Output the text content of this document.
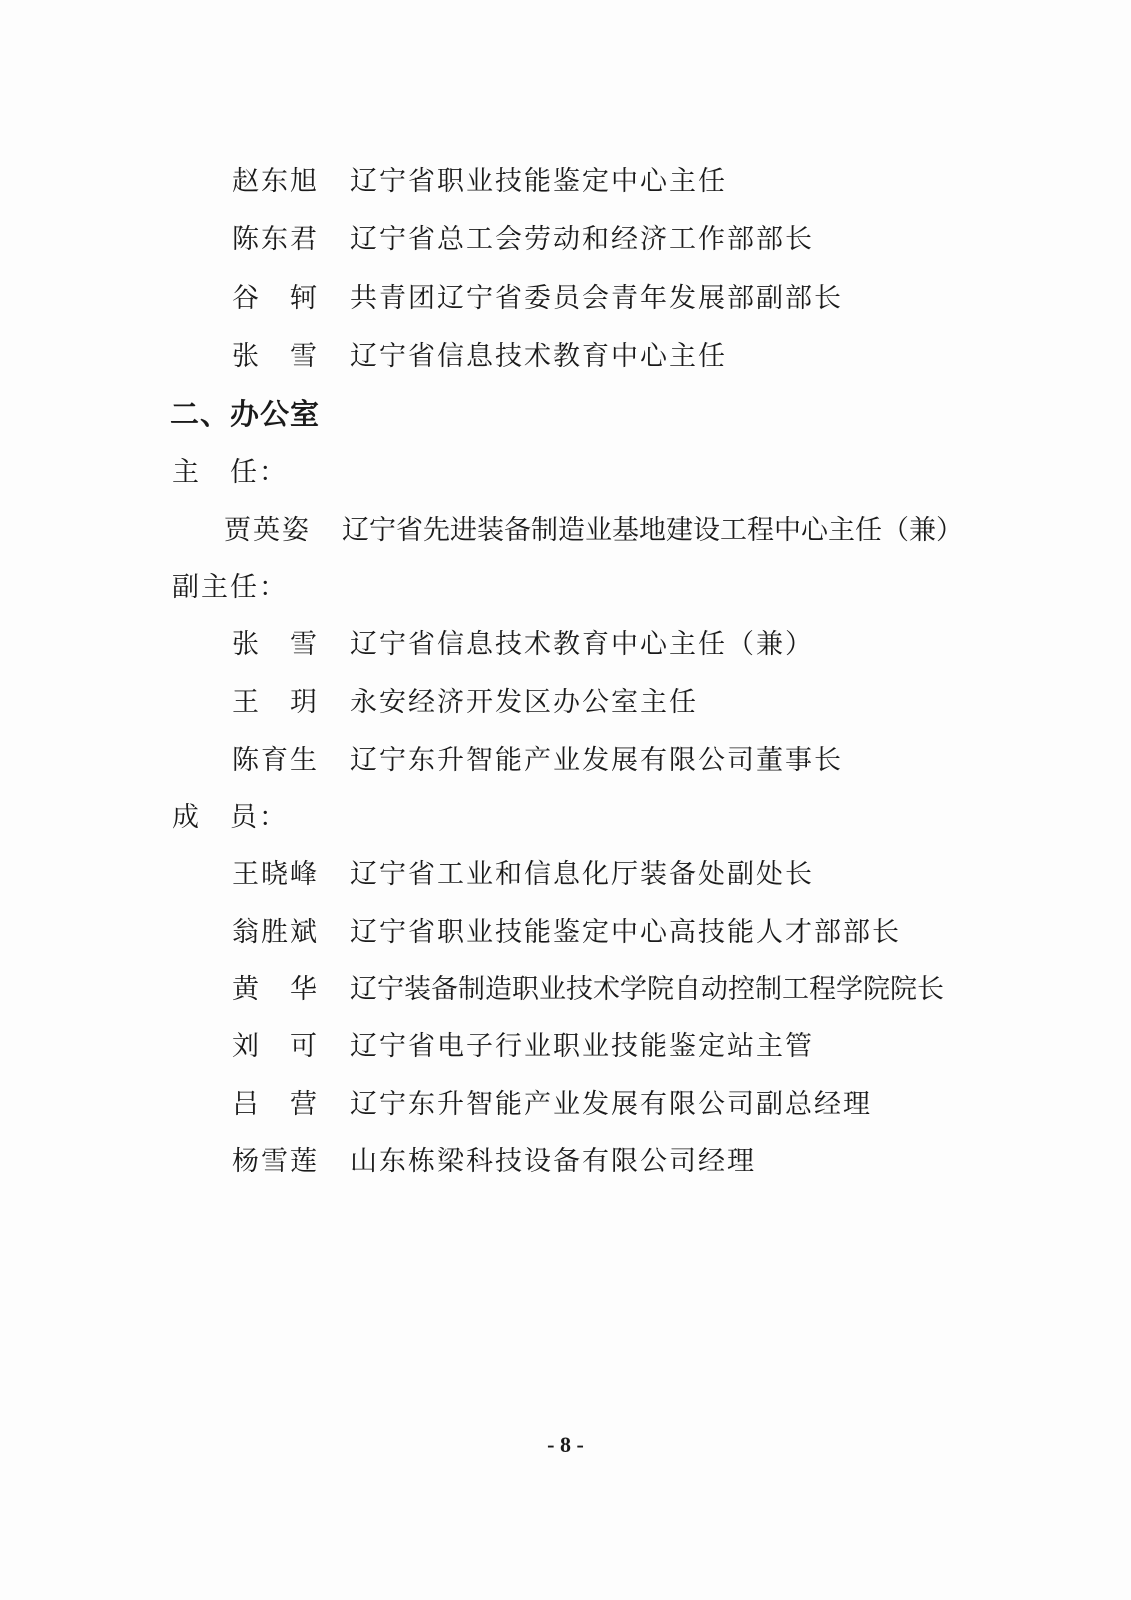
赵东旭	辽宁省职业技能鉴定中心主任
陈东君	辽宁省总工会劳动和经济工作部部长
谷　轲	共青团辽宁省委员会青年发展部副部长
张　雪	辽宁省信息技术教育中心主任
二、办公室
主　任：
贾英姿	辽宁省先进装备制造业基地建设工程中心主任（兼）
副主任：
张　雪	辽宁省信息技术教育中心主任（兼）
王　玥	永安经济开发区办公室主任
陈育生	辽宁东升智能产业发展有限公司董事长
成　员：
王晓峰	辽宁省工业和信息化厅装备处副处长
翁胜斌	辽宁省职业技能鉴定中心高技能人才部部长
黄　华	辽宁装备制造职业技术学院自动控制工程学院院长
刘　可	辽宁省电子行业职业技能鉴定站主管
吕　营	辽宁东升智能产业发展有限公司副总经理
杨雪莲	山东栋梁科技设备有限公司经理
- 8 -
